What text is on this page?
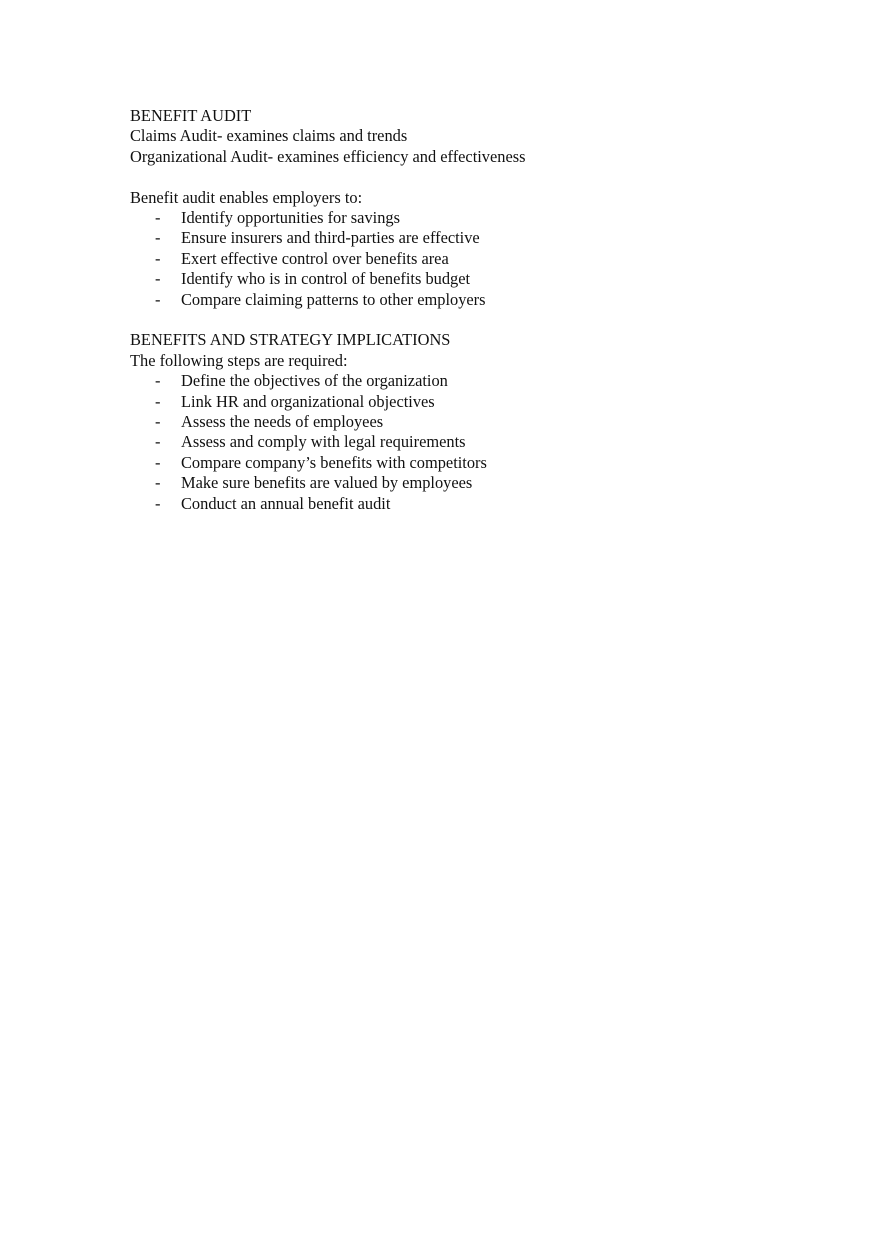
BENEFIT AUDIT

Claims Audit- examines claims and trends

Organizational Audit- examines efficiency and effectiveness

Benefit audit enables employers to:

- Identify opportunities for savings
- Ensure insurers and third-parties are effective
- Exert effective control over benefits area
- Identify who is in control of benefits budget
- Compare claiming patterns to other employers

BENEFITS AND STRATEGY IMPLICATIONS

The following steps are required:

- Define the objectives of the organization
- Link HR and organizational objectives
- Assess the needs of employees
- Assess and comply with legal requirements
- Compare company’s benefits with competitors
- Make sure benefits are valued by employees
- Conduct an annual benefit audit
